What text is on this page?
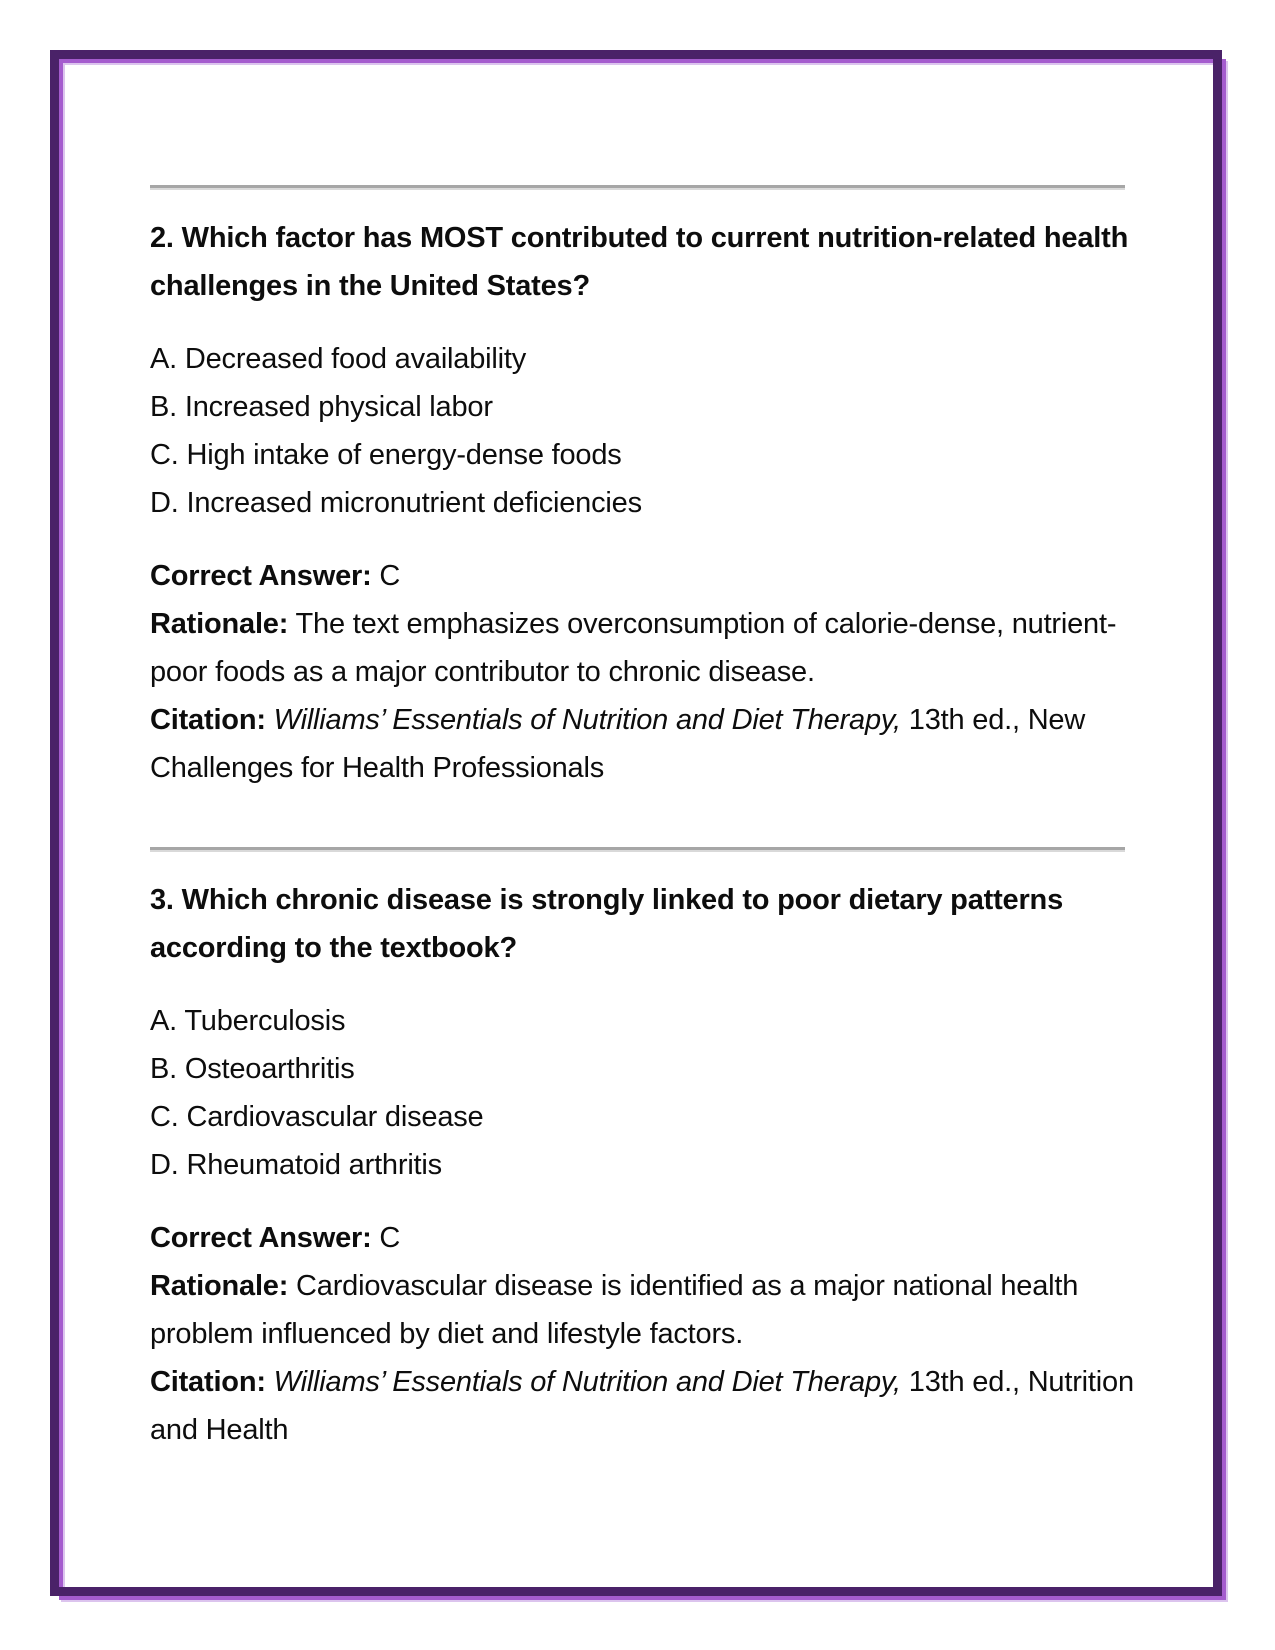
2. Which factor has MOST contributed to current nutrition-related health challenges in the United States?

A. Decreased food availability
B. Increased physical labor
C. High intake of energy-dense foods
D. Increased micronutrient deficiencies

Correct Answer: C

Rationale: The text emphasizes overconsumption of calorie-dense, nutrient-poor foods as a major contributor to chronic disease.

Citation: Williams’ Essentials of Nutrition and Diet Therapy, 13th ed., New Challenges for Health Professionals

3. Which chronic disease is strongly linked to poor dietary patterns according to the textbook?

A. Tuberculosis
B. Osteoarthritis
C. Cardiovascular disease
D. Rheumatoid arthritis

Correct Answer: C

Rationale: Cardiovascular disease is identified as a major national health problem influenced by diet and lifestyle factors.

Citation: Williams’ Essentials of Nutrition and Diet Therapy, 13th ed., Nutrition and Health
